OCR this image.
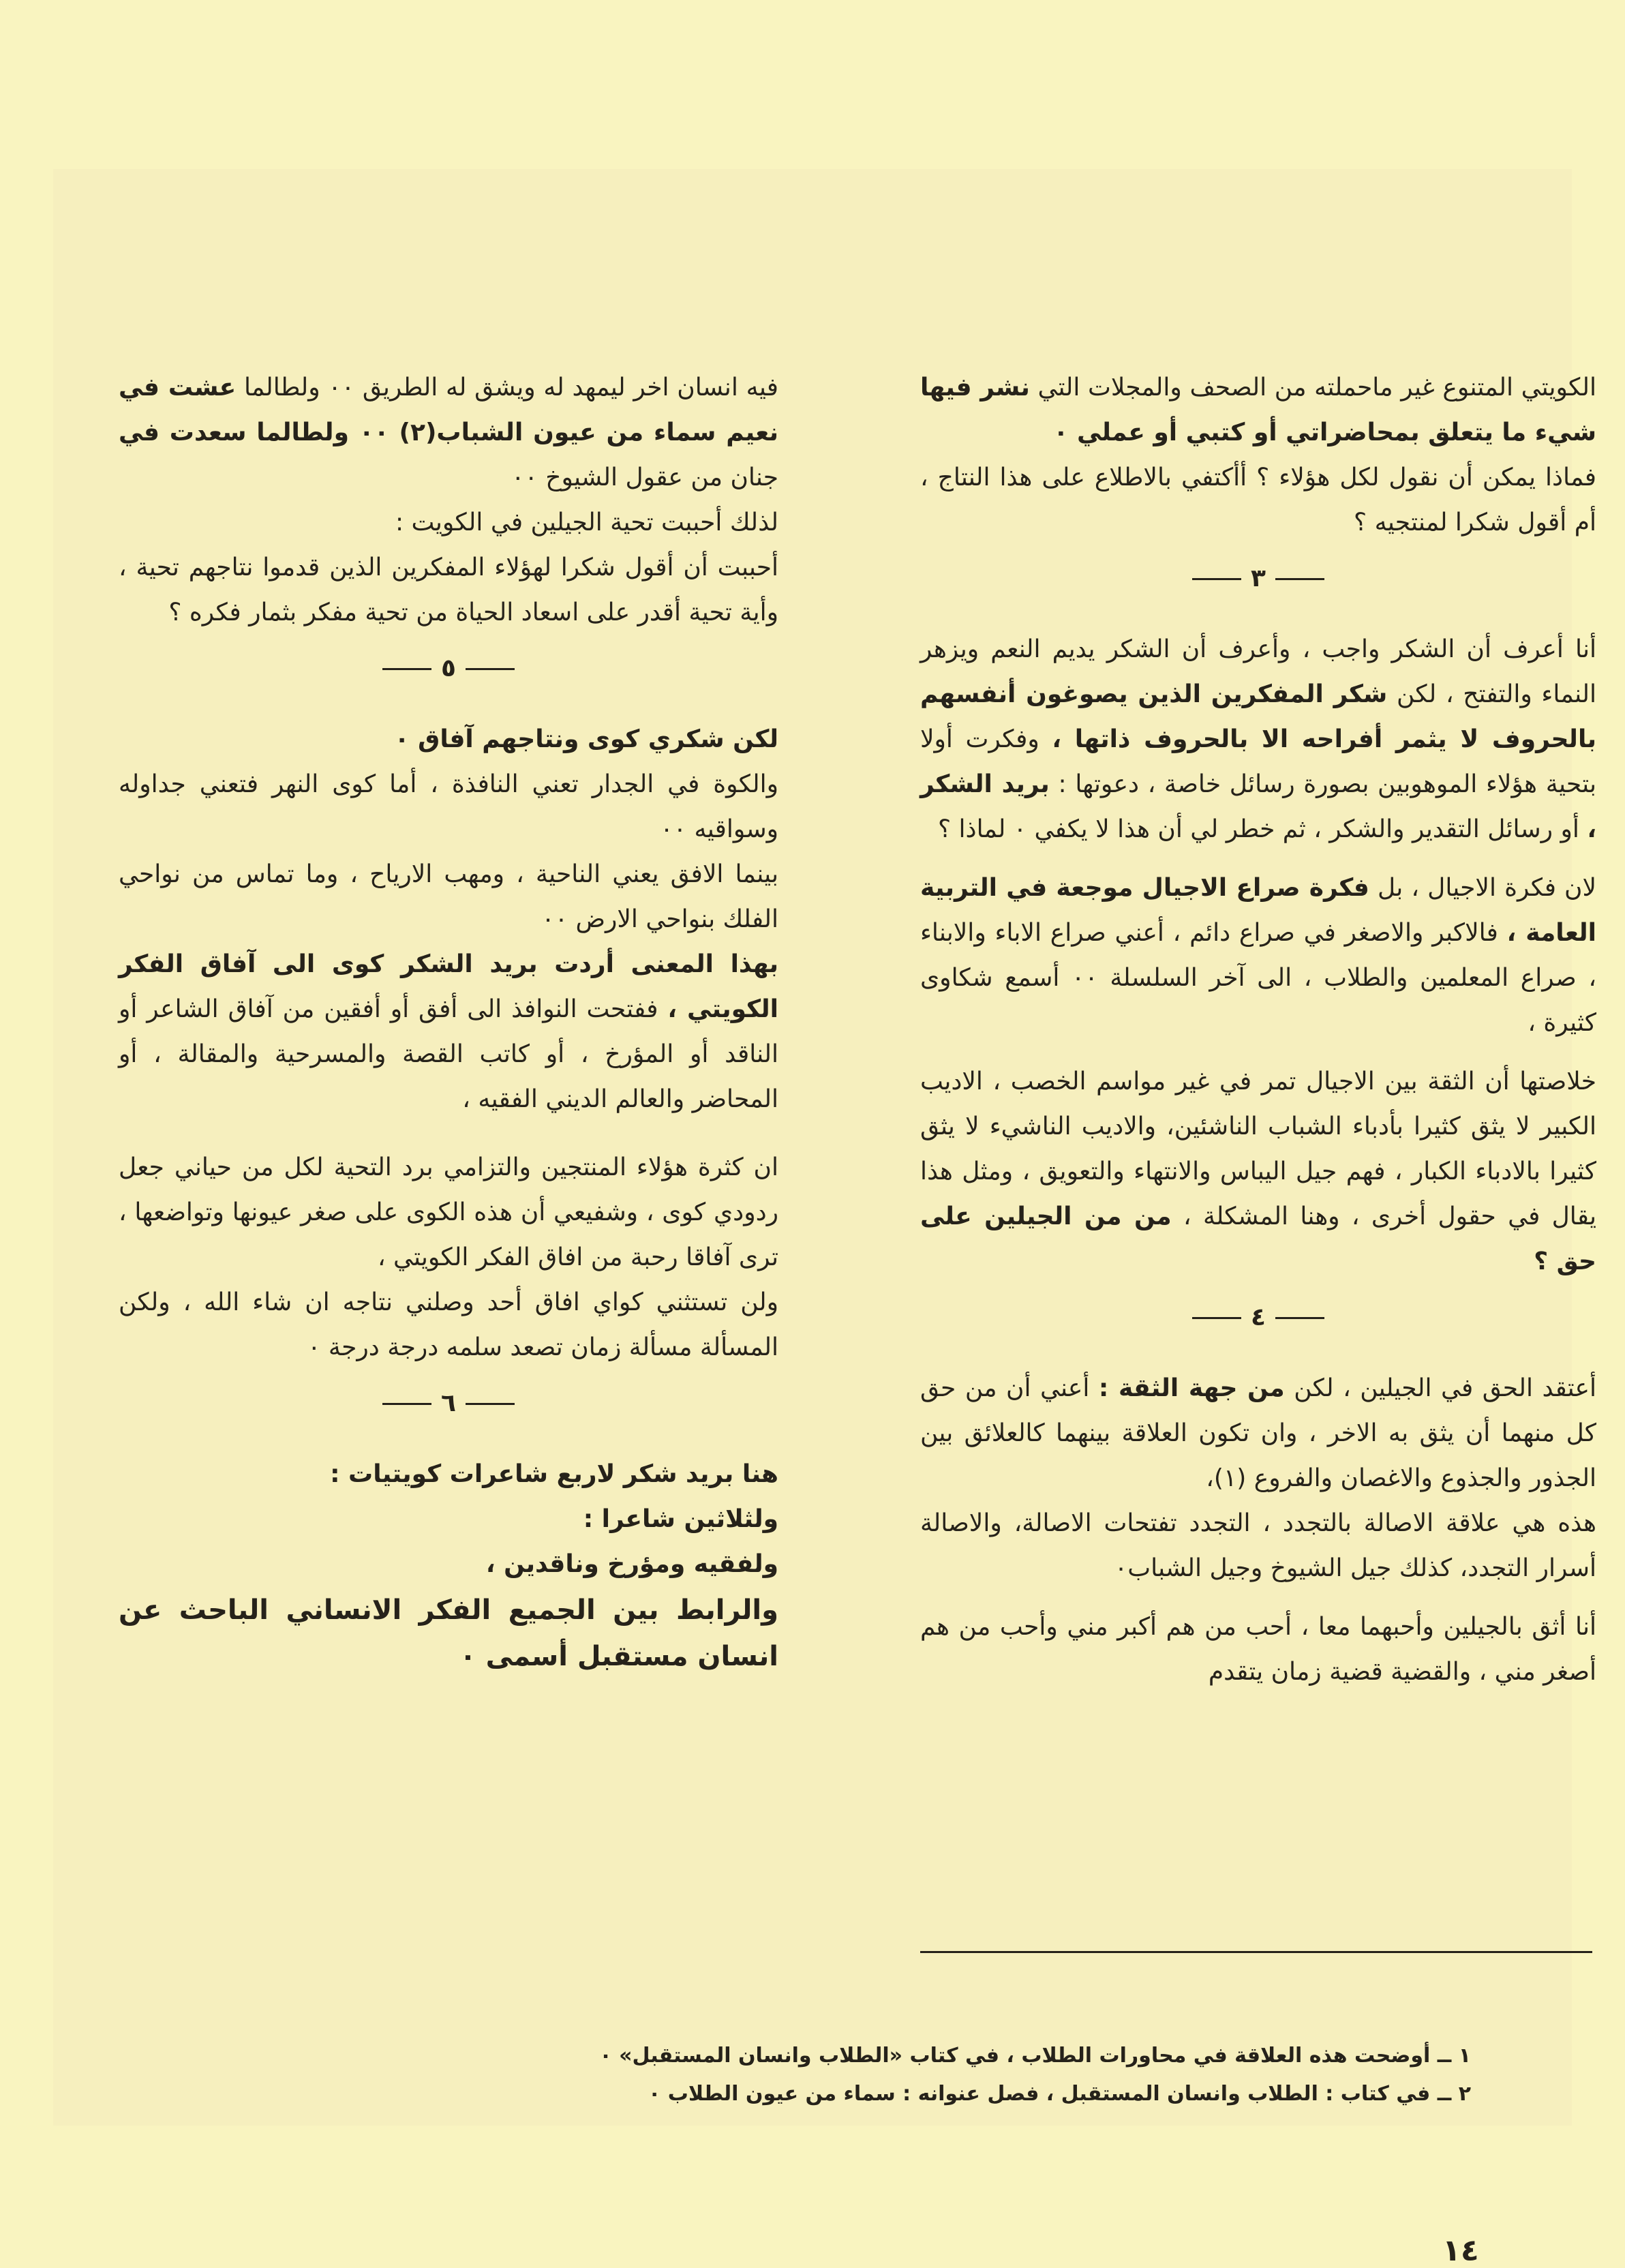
الكويتي المتنوع غير ماحملته من الصحف والمجلات التي نشر فيها شيء ما يتعلق بمحاضراتي أو كتبي أو عملي ٠

فماذا يمكن أن نقول لكل هؤلاء ؟ أأكتفي بالاطلاع على هذا النتاج ، أم أقول شكرا لمنتجيه ؟

٣

أنا أعرف أن الشكر واجب ، وأعرف أن الشكر يديم النعم ويزهر النماء والتفتح ، لكن شكر المفكرين الذين يصوغون أنفسهم بالحروف لا يثمر أفراحه الا بالحروف ذاتها ، وفكرت أولا بتحية هؤلاء الموهوبين بصورة رسائل خاصة ، دعوتها : بريد الشكر ، أو رسائل التقدير والشكر ، ثم خطر لي أن هذا لا يكفي ٠ لماذا ؟

لان فكرة الاجيال ، بل فكرة صراع الاجيال موجعة في التربية العامة ، فالاكبر والاصغر في صراع دائم ، أعني صراع الاباء والابناء ، صراع المعلمين والطلاب ، الى آخر السلسلة ٠٠ أسمع شكاوى كثيرة ،

خلاصتها أن الثقة بين الاجيال تمر في غير مواسم الخصب ، الاديب الكبير لا يثق كثيرا بأدباء الشباب الناشئين، والاديب الناشيء لا يثق كثيرا بالادباء الكبار ، فهم جيل اليباس والانتهاء والتعويق ، ومثل هذا يقال في حقول أخرى ، وهنا المشكلة ، من من الجيلين على حق ؟

٤

أعتقد الحق في الجيلين ، لكن من جهة الثقة : أعني أن من حق كل منهما أن يثق به الاخر ، وان تكون العلاقة بينهما كالعلائق بين الجذور والجذوع والاغصان والفروع (١)،

هذه هي علاقة الاصالة بالتجدد ، التجدد تفتحات الاصالة، والاصالة أسرار التجدد، كذلك جيل الشيوخ وجيل الشباب٠

أنا أثق بالجيلين وأحبهما معا ، أحب من هم أكبر مني وأحب من هم أصغر مني ، والقضية قضية زمان يتقدم

فيه انسان اخر ليمهد له ويشق له الطريق ٠٠ ولطالما عشت في نعيم سماء من عيون الشباب(٢) ٠٠ ولطالما سعدت في جنان من عقول الشيوخ ٠٠

لذلك أحببت تحية الجيلين في الكويت :

أحببت أن أقول شكرا لهؤلاء المفكرين الذين قدموا نتاجهم تحية ، وأية تحية أقدر على اسعاد الحياة من تحية مفكر بثمار فكره ؟

٥

لكن شكري كوى ونتاجهم آفاق ٠

والكوة في الجدار تعني النافذة ، أما كوى النهر فتعني جداوله وسواقيه ٠٠

بينما الافق يعني الناحية ، ومهب الارياح ، وما تماس من نواحي الفلك بنواحي الارض ٠٠

بهذا المعنى أردت بريد الشكر كوى الى آفاق الفكر الكويتي ، ففتحت النوافذ الى أفق أو أفقين من آفاق الشاعر أو الناقد أو المؤرخ ، أو كاتب القصة والمسرحية والمقالة ، أو المحاضر والعالم الديني الفقيه ،

ان كثرة هؤلاء المنتجين والتزامي برد التحية لكل من حياني جعل ردودي كوى ، وشفيعي أن هذه الكوى على صغر عيونها وتواضعها ، ترى آفاقا رحبة من افاق الفكر الكويتي ،

ولن تستثني كواي افاق أحد وصلني نتاجه ان شاء الله ، ولكن المسألة مسألة زمان تصعد سلمه درجة درجة ٠

٦

هنا بريد شكر لاربع شاعرات كويتيات :

ولثلاثين شاعرا :

ولفقيه ومؤرخ وناقدين ،

والرابط بين الجميع الفكر الانساني الباحث عن انسان مستقبل أسمى ٠

١ ــ أوضحت هذه العلاقة في محاورات الطلاب ، في كتاب «الطلاب وانسان المستقبل» ٠

٢ ــ في كتاب : الطلاب وانسان المستقبل ، فصل عنوانه : سماء من عيون الطلاب ٠

١٤
